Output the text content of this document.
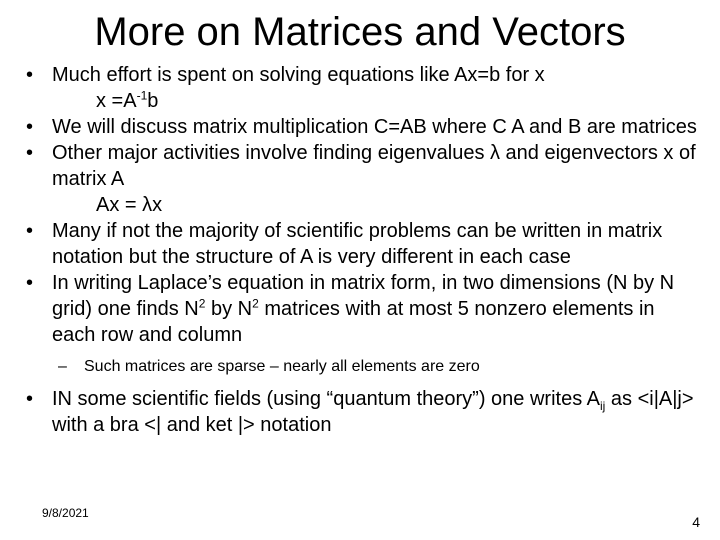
More on Matrices and Vectors
• Much effort is spent on solving equations like Ax=b for x
$x =A^{-1}b$
• We will discuss matrix multiplication C=AB where C A and B are matrices
• Other major activities involve finding eigenvalues λ and eigenvectors x of matrix A
Ax = λx
• Many if not the majority of scientific problems can be written in matrix notation but the structure of A is very different in each case
• In writing Laplace’s equation in matrix form, in two dimensions (N by N grid) one finds $N^2$ by $N^2$ matrices with at most 5 nonzero elements in each row and column
– Such matrices are sparse – nearly all elements are zero
• IN some scientific fields (using “quantum theory”) one writes $A_{ij}$ as <i|A|j> with a bra <| and ket |> notation
9/8/2021
4
